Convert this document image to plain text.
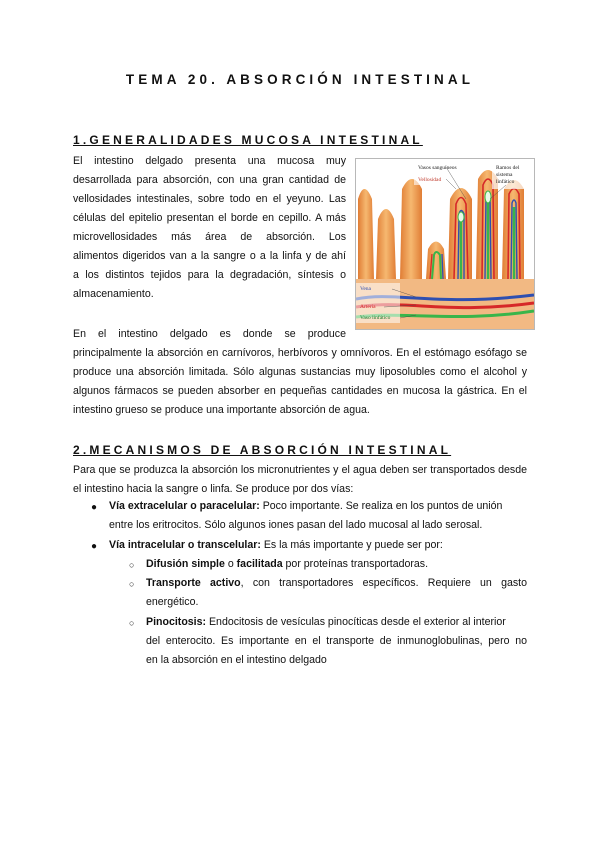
TEMA 20. ABSORCIÓN INTESTINAL
1.GENERALIDADES MUCOSA INTESTINAL
El intestino delgado presenta una mucosa muy
desarrollada para absorción, con una gran cantidad de
vellosidades intestinales, sobre todo en el yeyuno. Las
células del epitelio presentan el borde en cepillo. A más
microvellosidades más área de absorción. Los
alimentos digeridos van a la sangre o a la linfa y de ahí
a los distintos tejidos para la degradación, síntesis o
almacenamiento.
Vasos sanguíneos
Vellosidad
Ramos del
sistema
linfático
Vena
Arteria
Vaso linfático
En el intestino delgado es donde se produce
principalmente la absorción en carnívoros, herbívoros y omnívoros. En el estómago esófago se produce una absorción limitada. Sólo algunas sustancias muy liposolubles como el alcohol y algunos fármacos se pueden absorber en pequeñas cantidades en mucosa la gástrica. En el intestino grueso se produce una importante absorción de agua.
2.MECANISMOS DE ABSORCIÓN INTESTINAL
Para que se produzca la absorción los micronutrientes y el agua deben ser transportados desde el intestino hacia la sangre o linfa. Se produce por dos vías:
● Vía extracelular o paracelular: Poco importante. Se realiza en los puntos de unión
entre los eritrocitos. Sólo algunos iones pasan del lado mucosal al lado serosal.
● Vía intracelular o transcelular: Es la más importante y puede ser por:
○ Difusión simple o facilitada por proteínas transportadoras.
○ Transporte activo, con transportadores específicos. Requiere un gasto
energético.
○ Pinocitosis: Endocitosis de vesículas pinocíticas desde el exterior al interior
del enterocito. Es importante en el transporte de inmunoglobulinas, pero no
en la absorción en el intestino delgado
